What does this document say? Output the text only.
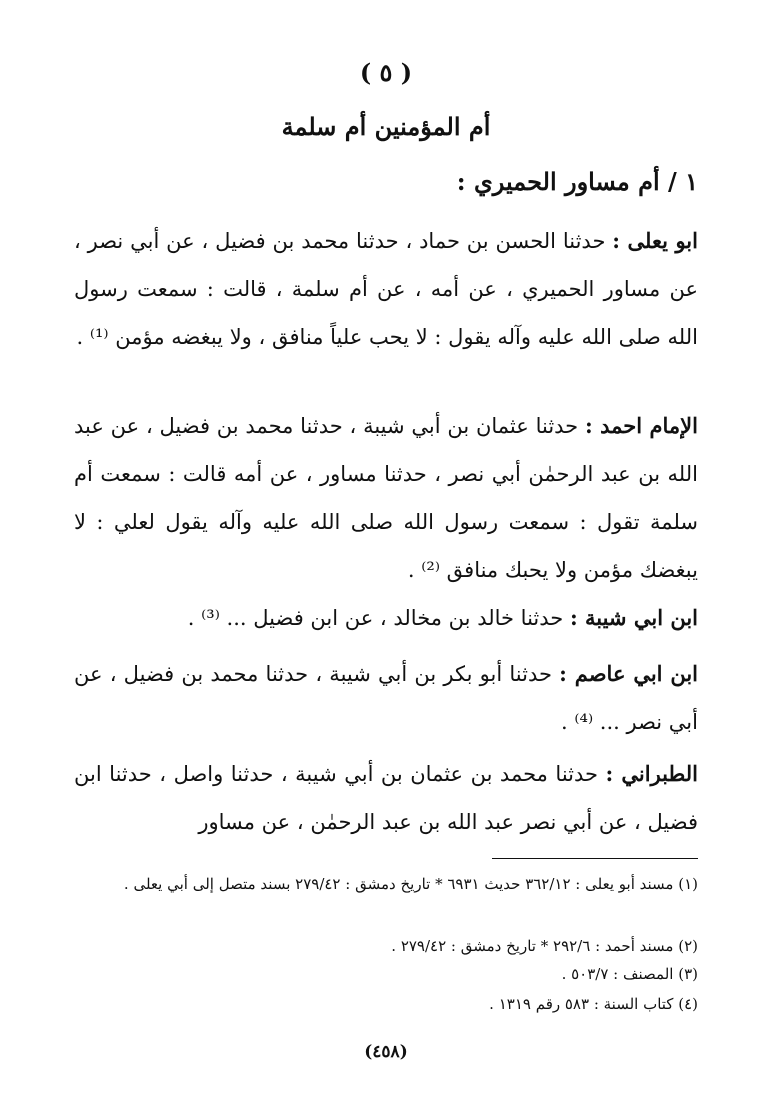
( ٥ )
أم المؤمنين أم سلمة
١ / أم مساور الحميري :

ابو يعلى : حدثنا الحسن بن حماد ، حدثنا محمد بن فضيل ، عن أبي نصر ، عن مساور الحميري ، عن أمه ، عن أم سلمة ، قالت : سمعت رسول الله صلى الله عليه وآله يقول : لا يحب علياً منافق ، ولا يبغضه مؤمن ⁽¹⁾ .

الإمام احمد : حدثنا عثمان بن أبي شيبة ، حدثنا محمد بن فضيل ، عن عبد الله بن عبد الرحمٰن أبي نصر ، حدثنا مساور ، عن أمه قالت : سمعت أم سلمة تقول : سمعت رسول الله صلى الله عليه وآله يقول لعلي : لا يبغضك مؤمن ولا يحبك منافق ⁽²⁾ .

ابن ابي شيبة : حدثنا خالد بن مخالد ، عن ابن فضيل ... ⁽³⁾ .

ابن ابي عاصم : حدثنا أبو بكر بن أبي شيبة ، حدثنا محمد بن فضيل ، عن أبي نصر ... ⁽⁴⁾ .

الطبراني : حدثنا محمد بن عثمان بن أبي شيبة ، حدثنا واصل ، حدثنا ابن فضيل ، عن أبي نصر عبد الله بن عبد الرحمٰن ، عن مساور

(١) مسند أبو يعلى : ٣٦٢/١٢ حديث ٦٩٣١ * تاريخ دمشق : ٢٧٩/٤٢ بسند متصل إلى أبي يعلى .

(٢) مسند أحمد : ٢٩٢/٦ * تاريخ دمشق : ٢٧٩/٤٢ .

(٣) المصنف : ٥٠٣/٧ .

(٤) كتاب السنة : ٥٨٣ رقم ١٣١٩ .

(٤٥٨)
